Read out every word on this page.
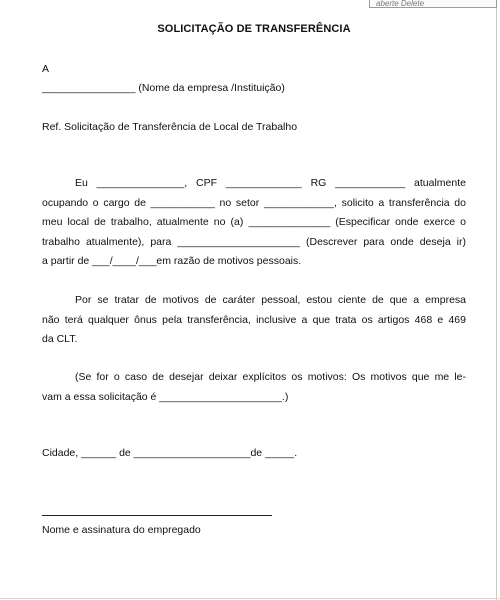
aberte Delete
SOLICITAÇÃO DE TRANSFERÊNCIA
A
________________ (Nome da empresa /Instituição)
Ref. Solicitação de Transferência de Local de Trabalho
Eu _______________, CPF _____________ RG ____________ atualmente
ocupando o cargo de ___________ no setor ____________, solicito a transferência do
meu local de trabalho, atualmente no (a) ______________ (Especificar onde exerce o
trabalho atualmente), para _____________________ (Descrever para onde deseja ir)
a partir de ___/____/___em razão de motivos pessoais.
Por se tratar de motivos de caráter pessoal, estou ciente de que a empresa
não terá qualquer ônus pela transferência, inclusive a que trata os artigos 468 e 469
da CLT.
(Se for o caso de desejar deixar explícitos os motivos: Os motivos que me le-
vam a essa solicitação é _____________________.)
Cidade, ______ de ____________________de _____.
Nome e assinatura do empregado
